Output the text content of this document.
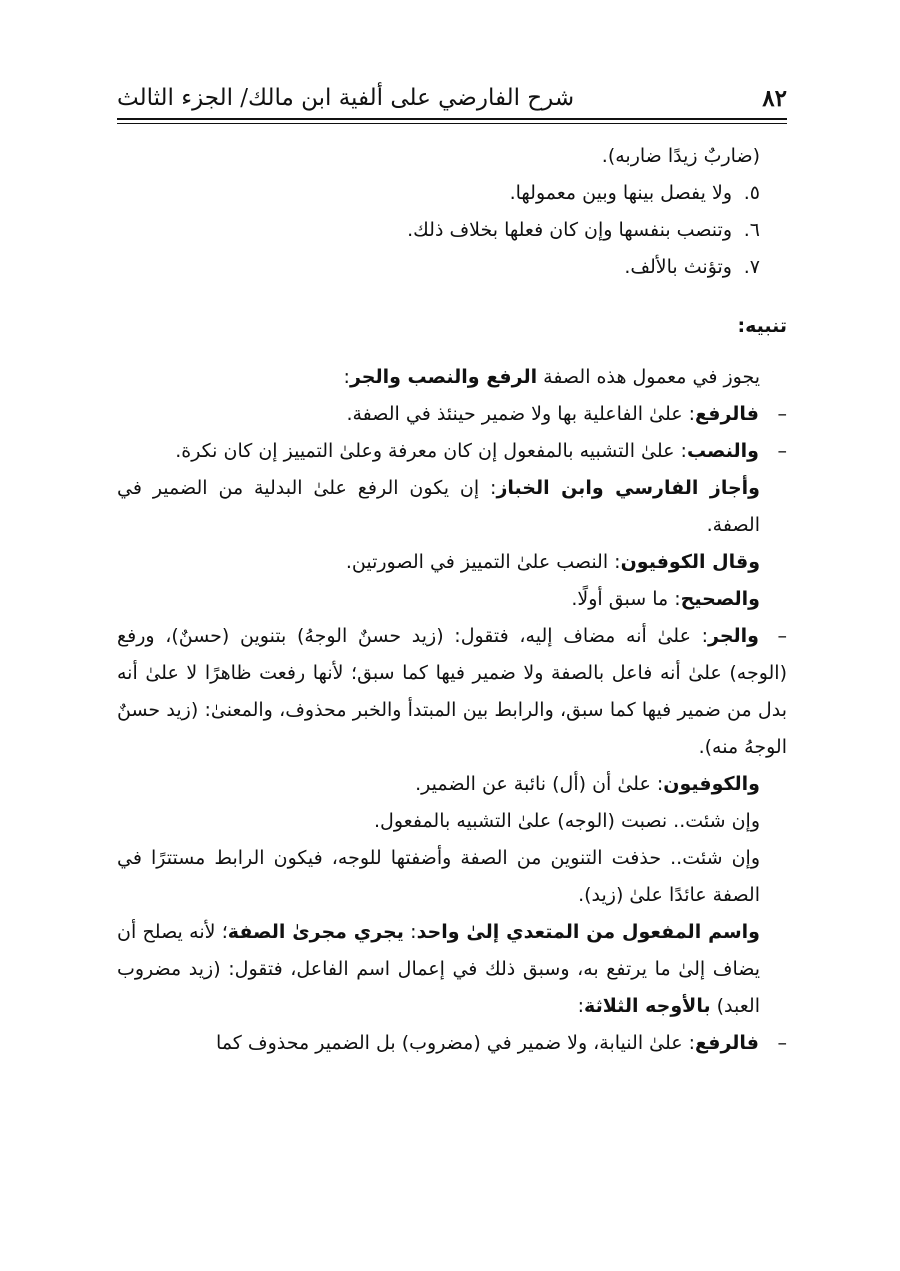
٨٢
شرح الفارضي على ألفية ابن مالك/ الجزء الثالث

(ضاربٌ زيدًا ضاربه).

٥.ولا يفصل بينها وبين معمولها.

٦.وتنصب بنفسها وإن كان فعلها بخلاف ذلك.

٧.وتؤنث بالألف.

تنبيه:

يجوز في معمول هذه الصفة الرفع والنصب والجر:

–فالرفع: علىٰ الفاعلية بها ولا ضمير حينئذ في الصفة.

–والنصب: علىٰ التشبيه بالمفعول إن كان معرفة وعلىٰ التمييز إن كان نكرة.

وأجاز الفارسي وابن الخباز: إن يكون الرفع علىٰ البدلية من الضمير في الصفة.

وقال الكوفيون: النصب علىٰ التمييز في الصورتين.

والصحيح: ما سبق أولًا.

–والجر: علىٰ أنه مضاف إليه، فتقول: (زيد حسنٌ الوجهُ) بتنوين (حسنٌ)، ورفع (الوجه) علىٰ أنه فاعل بالصفة ولا ضمير فيها كما سبق؛ لأنها رفعت ظاهرًا لا علىٰ أنه بدل من ضمير فيها كما سبق، والرابط بين المبتدأ والخبر محذوف، والمعنىٰ: (زيد حسنٌ الوجهُ منه).

والكوفيون: علىٰ أن (أل) نائبة عن الضمير.

وإن شئت.. نصبت (الوجه) علىٰ التشبيه بالمفعول.

وإن شئت.. حذفت التنوين من الصفة وأضفتها للوجه، فيكون الرابط مستترًا في الصفة عائدًا علىٰ (زيد).

واسم المفعول من المتعدي إلىٰ واحد: يجري مجرىٰ الصفة؛ لأنه يصلح أن يضاف إلىٰ ما يرتفع به، وسبق ذلك في إعمال اسم الفاعل، فتقول: (زيد مضروب العبد) بالأوجه الثلاثة:

–فالرفع: علىٰ النيابة، ولا ضمير في (مضروب) بل الضمير محذوف كما
